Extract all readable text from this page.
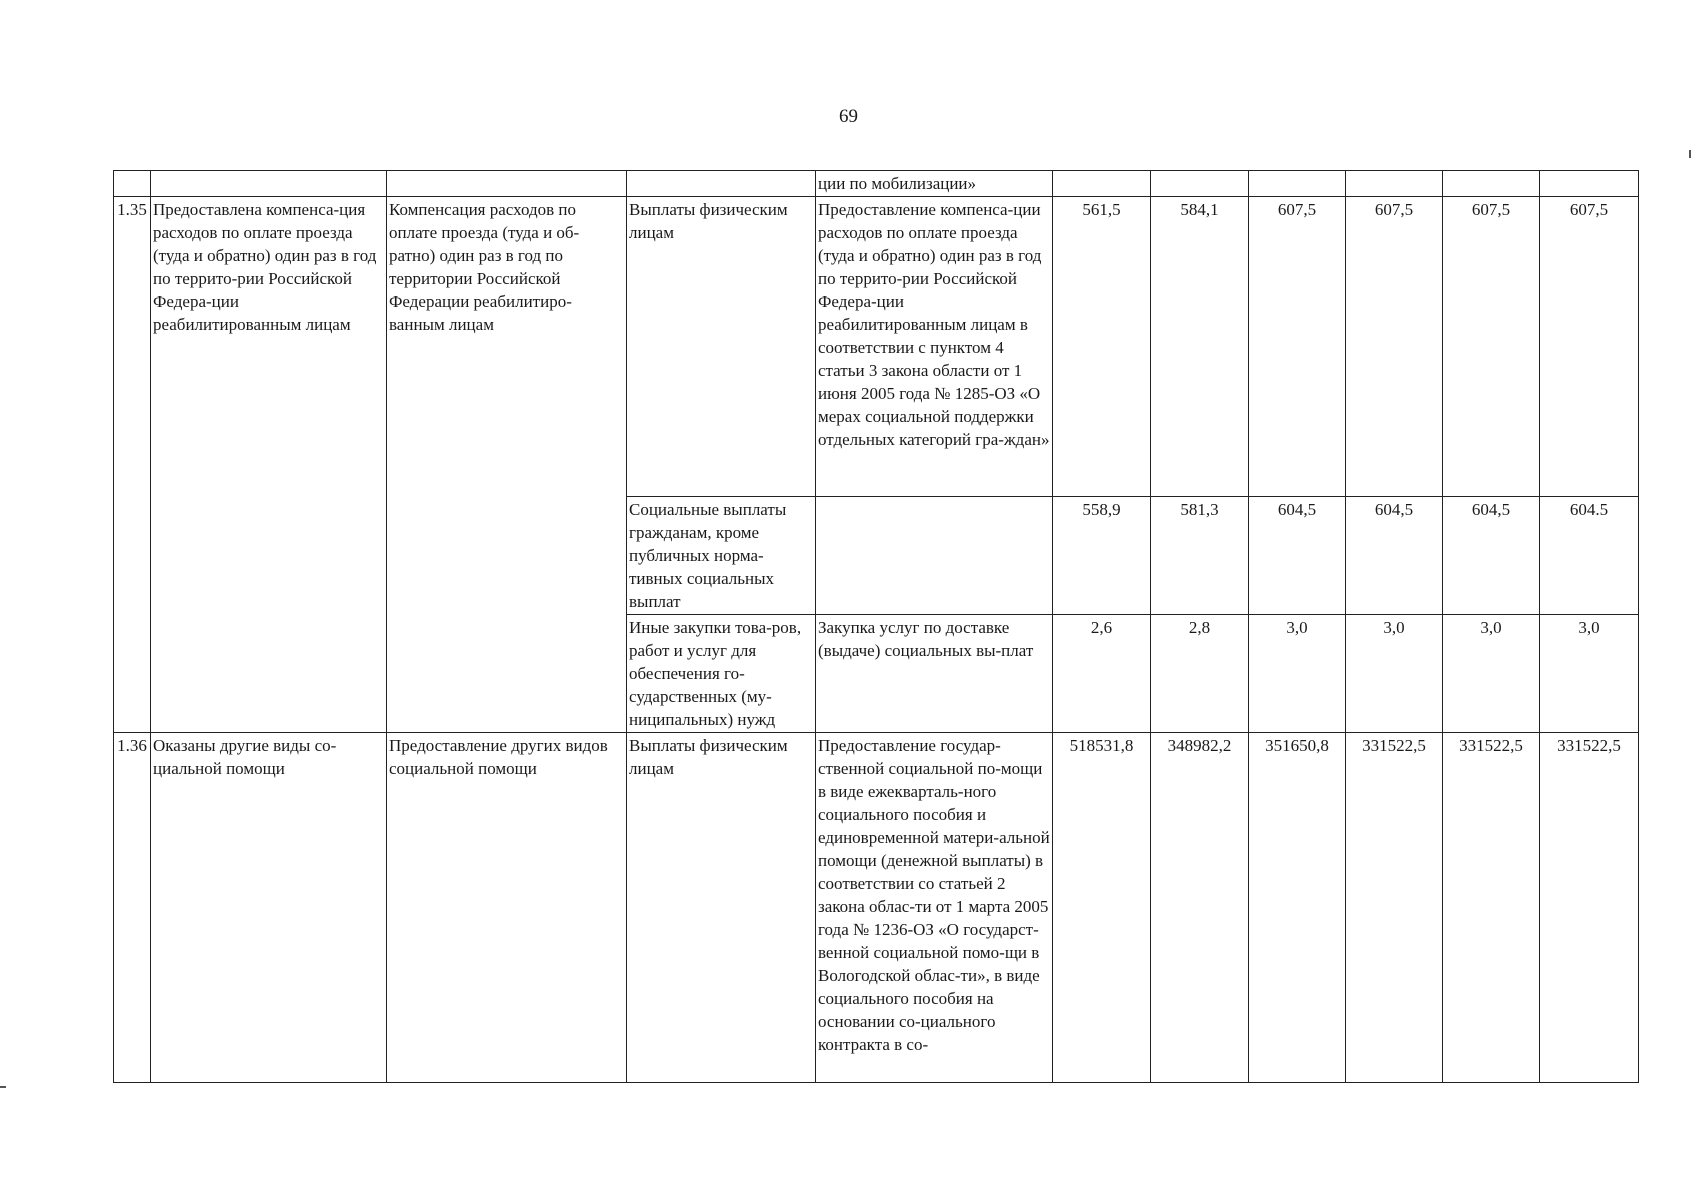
69
				ции по мобилизации»						
1.35	Предоставлена компенса-ция расходов по оплате проезда (туда и обратно) один раз в год по террито-рии Российской Федера-ции реабилитированным лицам	Компенсация расходов по оплате проезда (туда и об-ратно) один раз в год по территории Российской Федерации реабилитиро-ванным лицам	Выплаты физическим лицам	Предоставление компенса-ции расходов по оплате проезда (туда и обратно) один раз в год по террито-рии Российской Федера-ции реабилитированным лицам в соответствии с пунктом 4 статьи 3 закона области от 1 июня 2005 года № 1285-ОЗ «О мерах социальной поддержки отдельных категорий гра-ждан»	561,5	584,1	607,5	607,5	607,5	607,5
			Социальные выплаты гражданам, кроме публичных норма-тивных социальных выплат		558,9	581,3	604,5	604,5	604,5	604.5
			Иные закупки това-ров, работ и услуг для обеспечения го-сударственных (му-ниципальных) нужд	Закупка услуг по доставке (выдаче) социальных вы-плат	2,6	2,8	3,0	3,0	3,0	3,0
1.36	Оказаны другие виды со-циальной помощи	Предоставление других видов социальной помощи	Выплаты физическим лицам	Предоставление государ-ственной социальной по-мощи в виде ежекварталь-ного социального пособия и единовременной матери-альной помощи (денежной выплаты) в соответствии со статьей 2 закона облас-ти от 1 марта 2005 года № 1236-ОЗ «О государст-венной социальной помо-щи в Вологодской облас-ти», в виде социального пособия на основании со-циального контракта в со-	518531,8	348982,2	351650,8	331522,5	331522,5	331522,5
